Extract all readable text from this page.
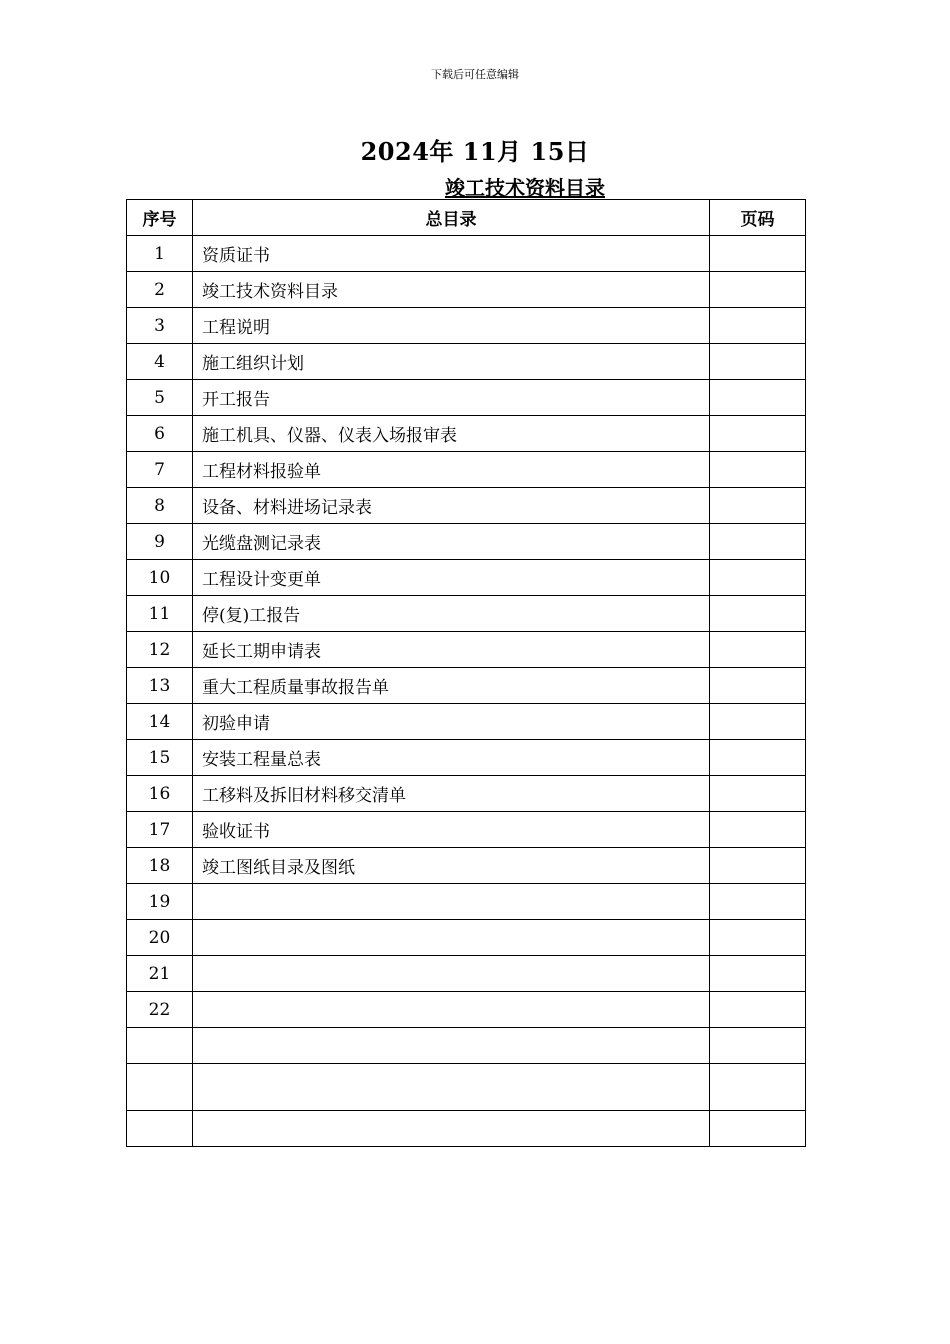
下载后可任意编辑
2024年 11月 15日
竣工技术资料目录
序号	总目录	页码
1	资质证书	
2	竣工技术资料目录	
3	工程说明	
4	施工组织计划	
5	开工报告	
6	施工机具、仪器、仪表入场报审表	
7	工程材料报验单	
8	设备、材料进场记录表	
9	光缆盘测记录表	
10	工程设计变更单	
11	停(复)工报告	
12	延长工期申请表	
13	重大工程质量事故报告单	
14	初验申请	
15	安装工程量总表	
16	工移料及拆旧材料移交清单	
17	验收证书	
18	竣工图纸目录及图纸	
19		
20		
21		
22		
